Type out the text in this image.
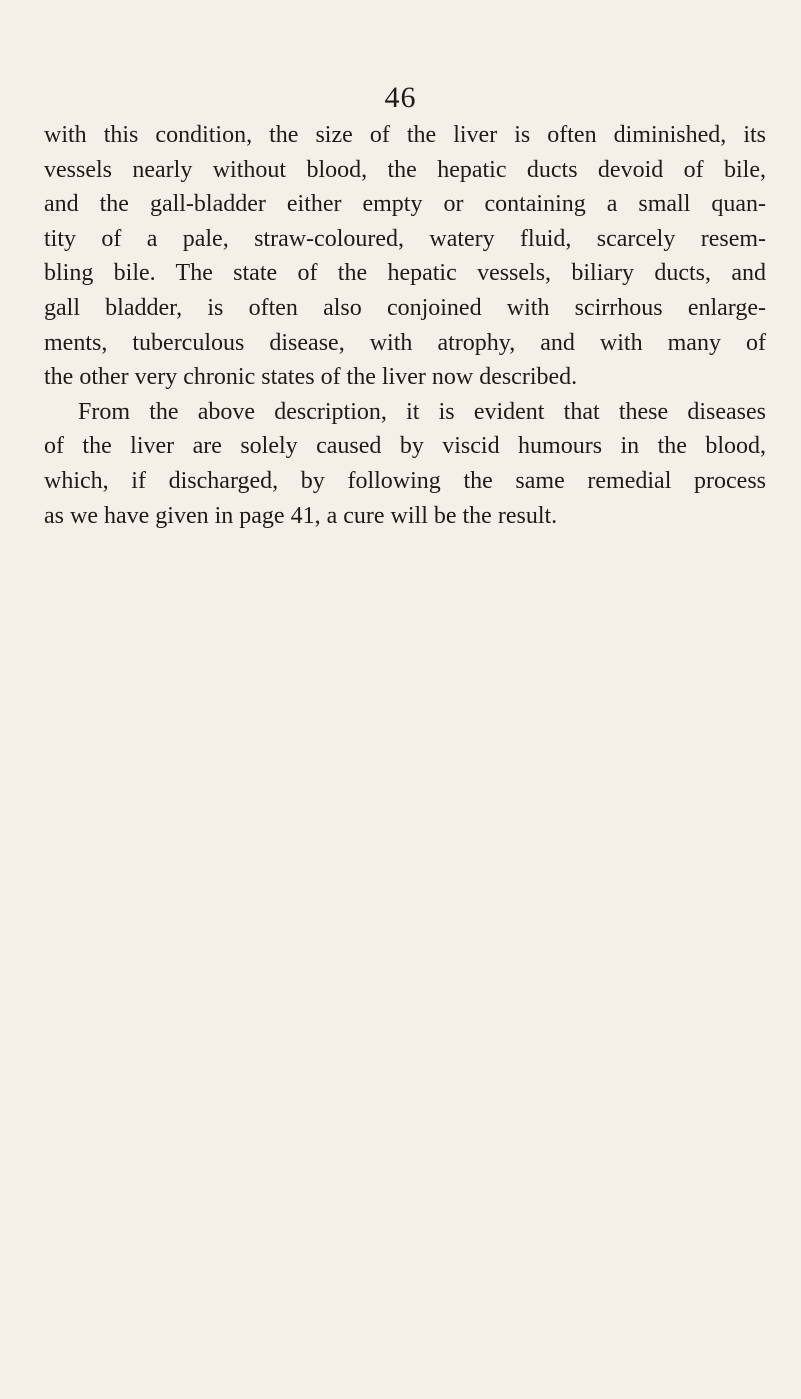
46
with this condition, the size of the liver is often diminished, its
vessels nearly without blood, the hepatic ducts devoid of bile,
and the gall-bladder either empty or containing a small quan-
tity of a pale, straw-coloured, watery fluid, scarcely resem-
bling bile. The state of the hepatic vessels, biliary ducts, and
gall bladder, is often also conjoined with scirrhous enlarge-
ments, tuberculous disease, with atrophy, and with many of
the other very chronic states of the liver now described.
From the above description, it is evident that these diseases
of the liver are solely caused by viscid humours in the blood,
which, if discharged, by following the same remedial process
as we have given in page 41, a cure will be the result.
